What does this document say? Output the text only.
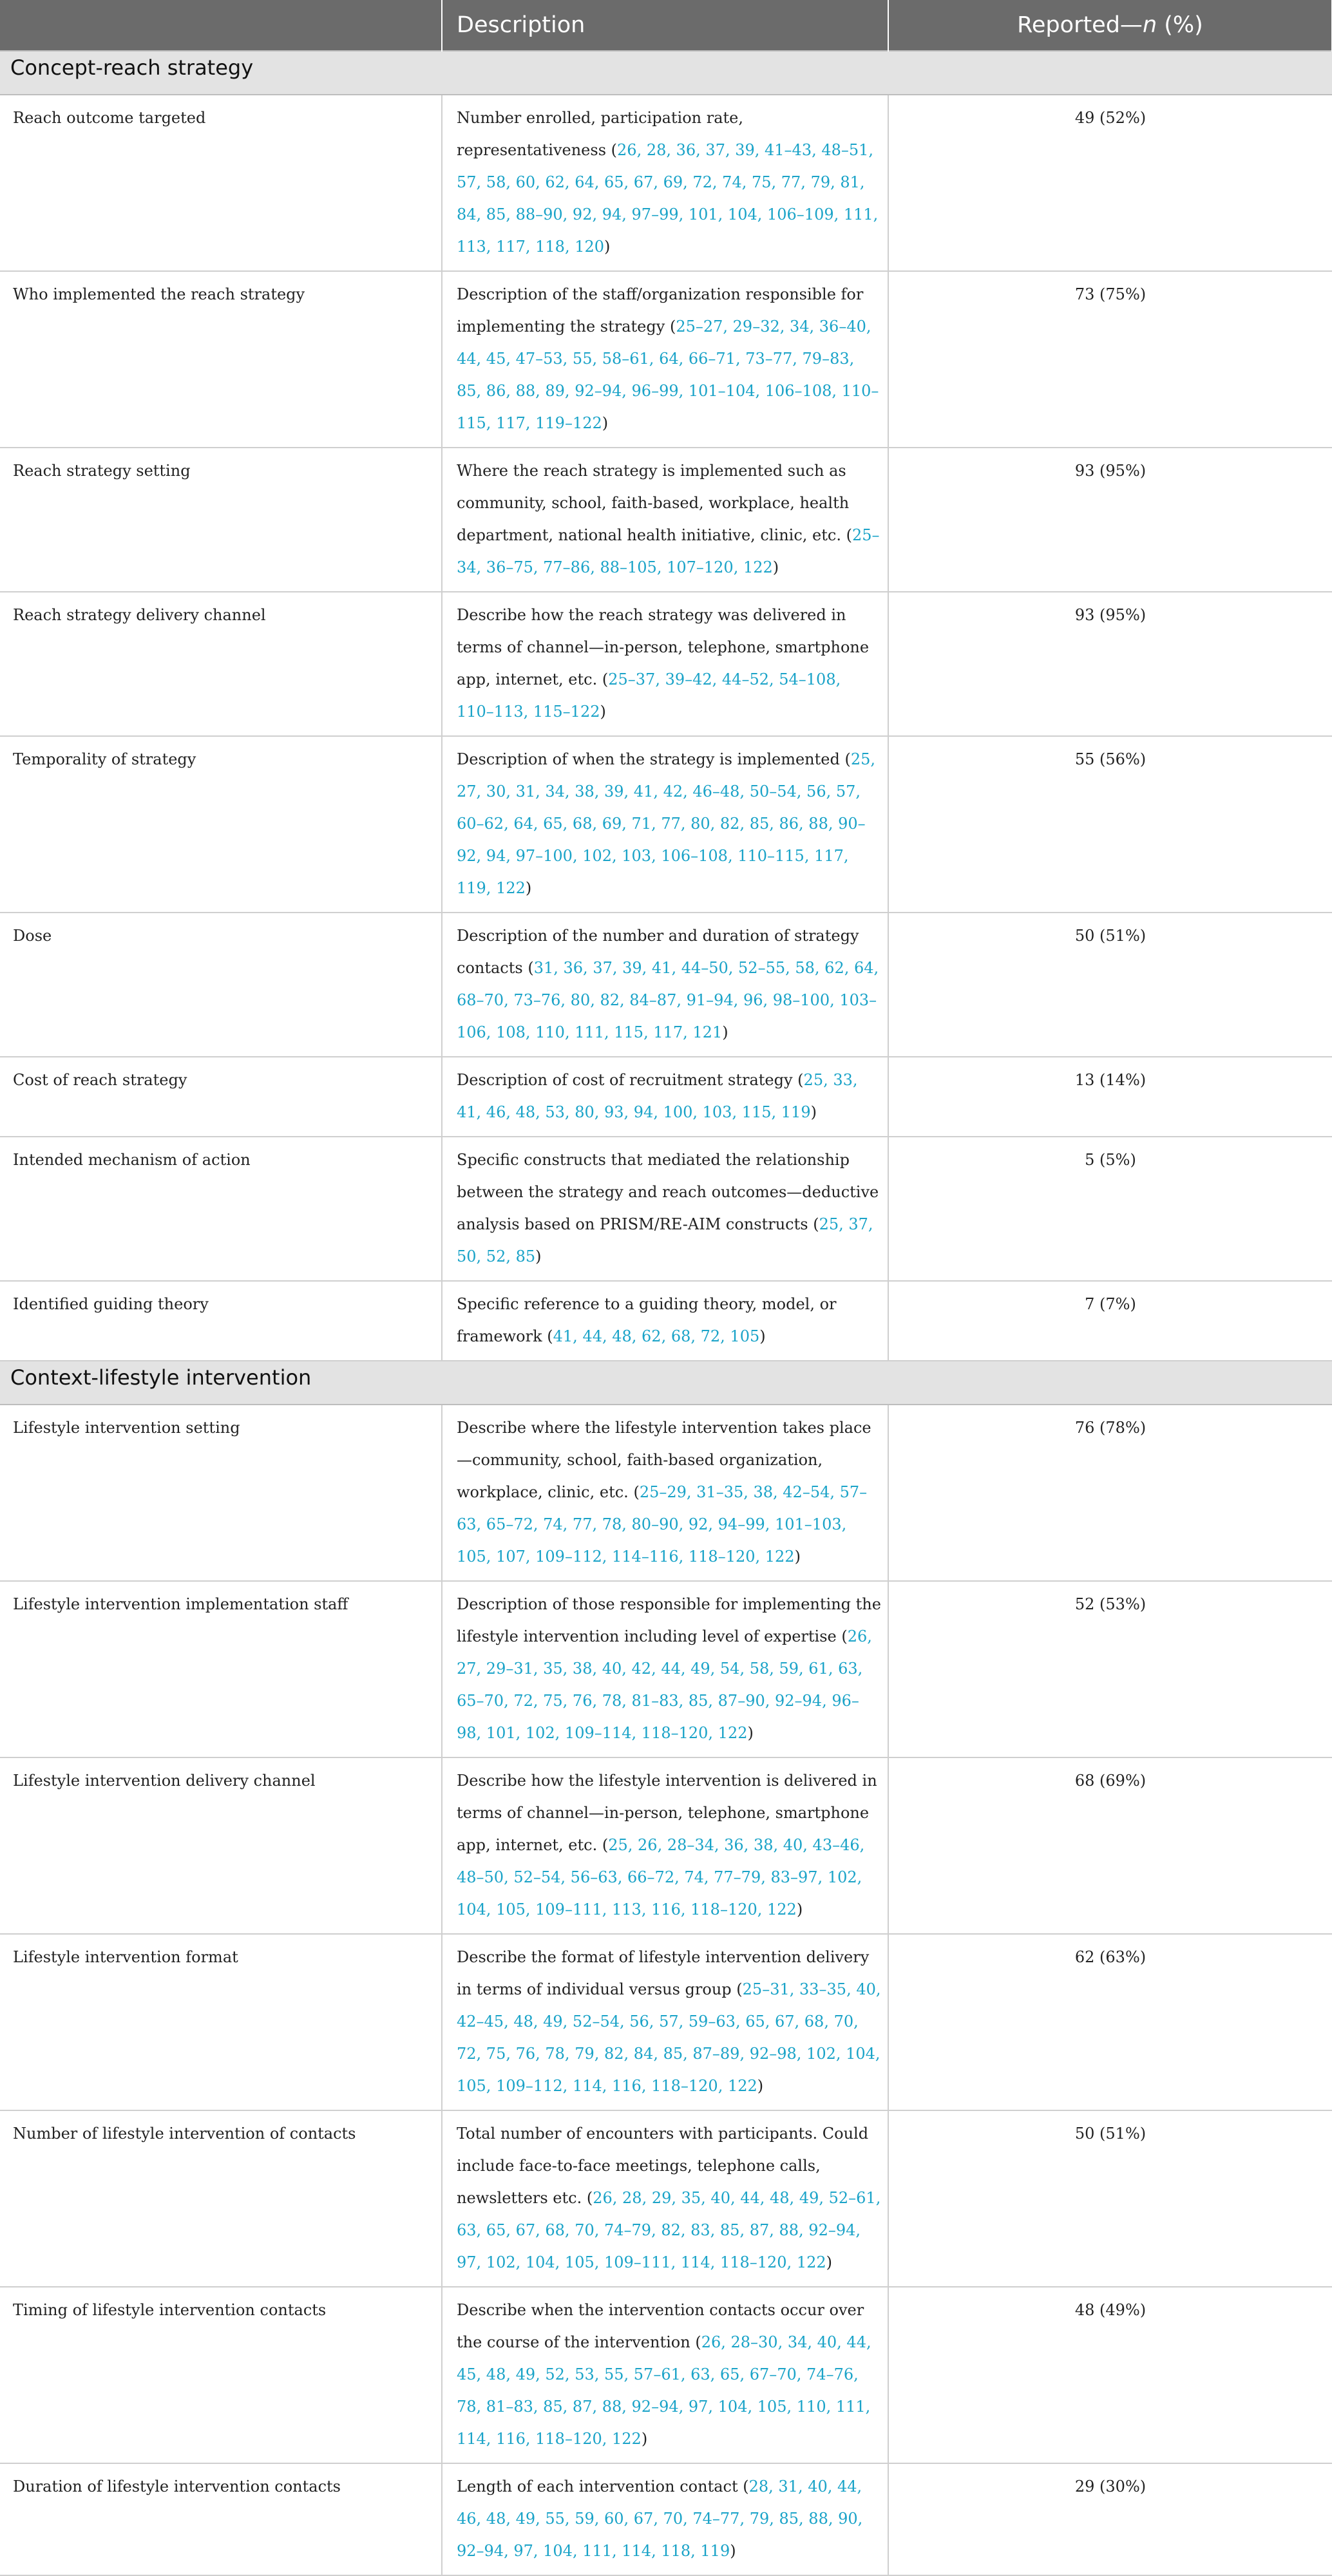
	Description	Reported—n (%)
Concept-reach strategy		
Reach outcome targeted	Number enrolled, participation rate, representativeness (26, 28, 36, 37, 39, 41–43, 48–51, 57, 58, 60, 62, 64, 65, 67, 69, 72, 74, 75, 77, 79, 81, 84, 85, 88–90, 92, 94, 97–99, 101, 104, 106–109, 111, 113, 117, 118, 120)	49 (52%)
Who implemented the reach strategy	Description of the staff/organization responsible for implementing the strategy (25–27, 29–32, 34, 36–40, 44, 45, 47–53, 55, 58–61, 64, 66–71, 73–77, 79–83, 85, 86, 88, 89, 92–94, 96–99, 101–104, 106–108, 110–115, 117, 119–122)	73 (75%)
Reach strategy setting	Where the reach strategy is implemented such as community, school, faith-based, workplace, health department, national health initiative, clinic, etc. (25–34, 36–75, 77–86, 88–105, 107–120, 122)	93 (95%)
Reach strategy delivery channel	Describe how the reach strategy was delivered in terms of channel—in-person, telephone, smartphone app, internet, etc. (25–37, 39–42, 44–52, 54–108, 110–113, 115–122)	93 (95%)
Temporality of strategy	Description of when the strategy is implemented (25, 27, 30, 31, 34, 38, 39, 41, 42, 46–48, 50–54, 56, 57, 60–62, 64, 65, 68, 69, 71, 77, 80, 82, 85, 86, 88, 90–92, 94, 97–100, 102, 103, 106–108, 110–115, 117, 119, 122)	55 (56%)
Dose	Description of the number and duration of strategy contacts (31, 36, 37, 39, 41, 44–50, 52–55, 58, 62, 64, 68–70, 73–76, 80, 82, 84–87, 91–94, 96, 98–100, 103–106, 108, 110, 111, 115, 117, 121)	50 (51%)
Cost of reach strategy	Description of cost of recruitment strategy (25, 33, 41, 46, 48, 53, 80, 93, 94, 100, 103, 115, 119)	13 (14%)
Intended mechanism of action	Specific constructs that mediated the relationship between the strategy and reach outcomes—deductive analysis based on PRISM/RE-AIM constructs (25, 37, 50, 52, 85)	5 (5%)
Identified guiding theory	Specific reference to a guiding theory, model, or framework (41, 44, 48, 62, 68, 72, 105)	7 (7%)
Context-lifestyle intervention		
Lifestyle intervention setting	Describe where the lifestyle intervention takes place—community, school, faith-based organization, workplace, clinic, etc. (25–29, 31–35, 38, 42–54, 57–63, 65–72, 74, 77, 78, 80–90, 92, 94–99, 101–103, 105, 107, 109–112, 114–116, 118–120, 122)	76 (78%)
Lifestyle intervention implementation staff	Description of those responsible for implementing the lifestyle intervention including level of expertise (26, 27, 29–31, 35, 38, 40, 42, 44, 49, 54, 58, 59, 61, 63, 65–70, 72, 75, 76, 78, 81–83, 85, 87–90, 92–94, 96–98, 101, 102, 109–114, 118–120, 122)	52 (53%)
Lifestyle intervention delivery channel	Describe how the lifestyle intervention is delivered in terms of channel—in-person, telephone, smartphone app, internet, etc. (25, 26, 28–34, 36, 38, 40, 43–46, 48–50, 52–54, 56–63, 66–72, 74, 77–79, 83–97, 102, 104, 105, 109–111, 113, 116, 118–120, 122)	68 (69%)
Lifestyle intervention format	Describe the format of lifestyle intervention delivery in terms of individual versus group (25–31, 33–35, 40, 42–45, 48, 49, 52–54, 56, 57, 59–63, 65, 67, 68, 70, 72, 75, 76, 78, 79, 82, 84, 85, 87–89, 92–98, 102, 104, 105, 109–112, 114, 116, 118–120, 122)	62 (63%)
Number of lifestyle intervention of contacts	Total number of encounters with participants. Could include face-to-face meetings, telephone calls, newsletters etc. (26, 28, 29, 35, 40, 44, 48, 49, 52–61, 63, 65, 67, 68, 70, 74–79, 82, 83, 85, 87, 88, 92–94, 97, 102, 104, 105, 109–111, 114, 118–120, 122)	50 (51%)
Timing of lifestyle intervention contacts	Describe when the intervention contacts occur over the course of the intervention (26, 28–30, 34, 40, 44, 45, 48, 49, 52, 53, 55, 57–61, 63, 65, 67–70, 74–76, 78, 81–83, 85, 87, 88, 92–94, 97, 104, 105, 110, 111, 114, 116, 118–120, 122)	48 (49%)
Duration of lifestyle intervention contacts	Length of each intervention contact (28, 31, 40, 44, 46, 48, 49, 55, 59, 60, 67, 70, 74–77, 79, 85, 88, 90, 92–94, 97, 104, 111, 114, 118, 119)	29 (30%)
